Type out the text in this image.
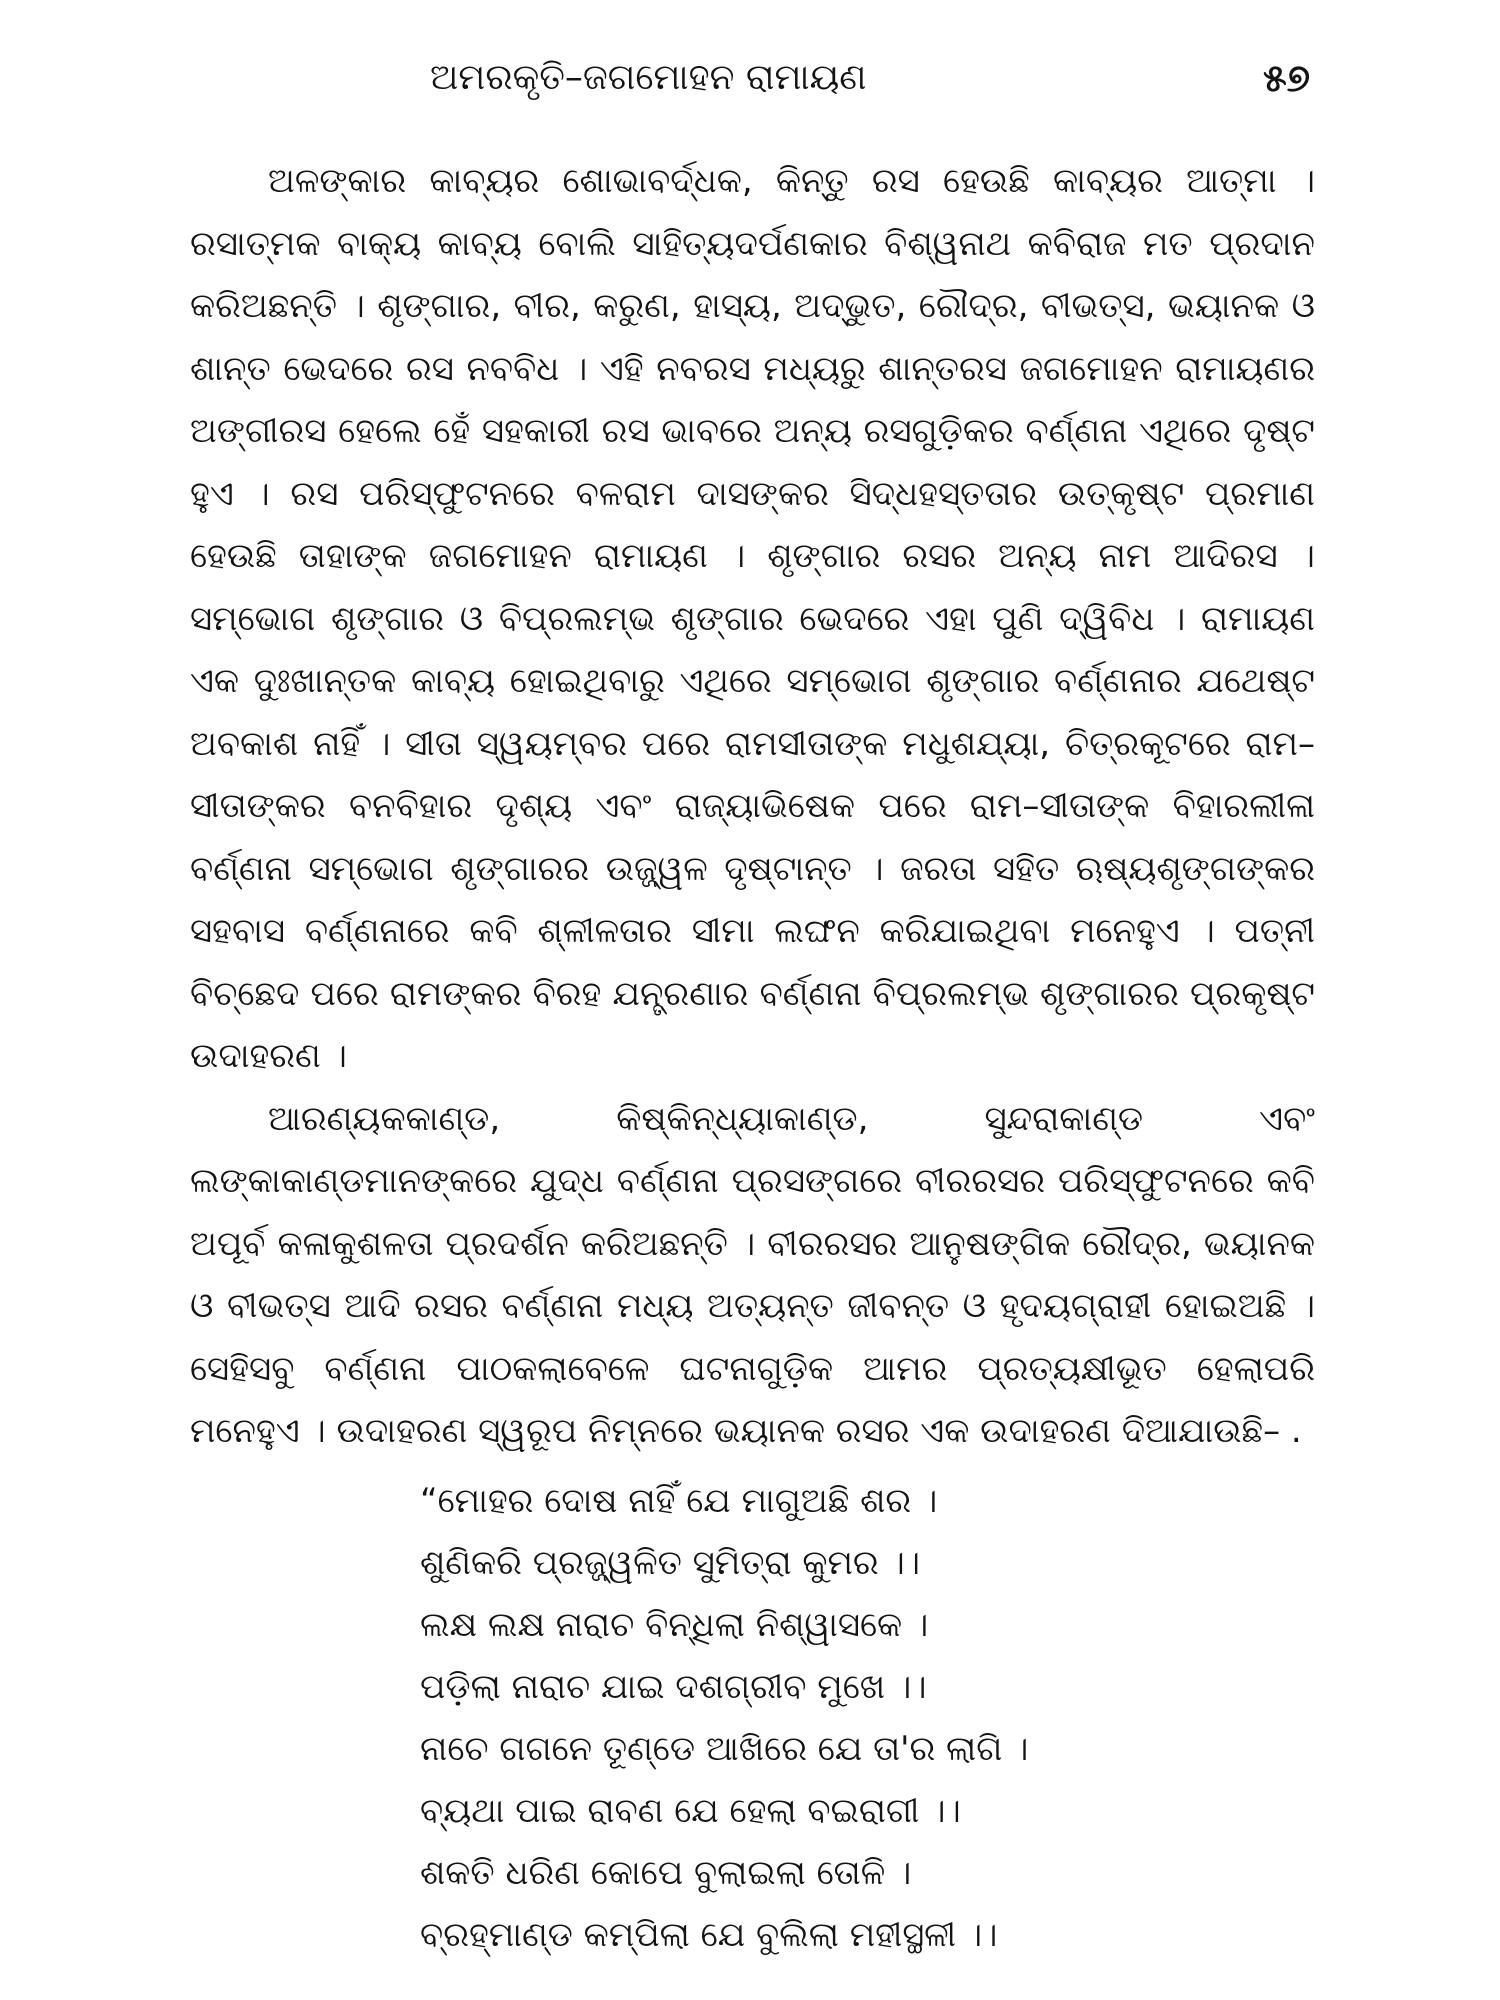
ଅମରକୃତି–ଜଗମୋହନ ରାମାୟଣ	୫୭

ଅଳଙ୍କାର କାବ୍ୟର ଶୋଭାବର୍ଦ୍ଧକ, କିନ୍ତୁ ରସ ହେଉଛି କାବ୍ୟର ଆତ୍ମା । ରସାତ୍ମକ ବାକ୍ୟ କାବ୍ୟ ବୋଲି ସାହିତ୍ୟଦର୍ପଣକାର ବିଶ୍ୱନାଥ କବିରାଜ ମତ ପ୍ରଦାନ କରିଅଛନ୍ତି । ଶୃଙ୍ଗାର, ବୀର, କରୁଣ, ହାସ୍ୟ, ଅଦ୍ଭୁତ, ରୌଦ୍ର, ବୀଭତ୍ସ, ଭୟାନକ ଓ ଶାନ୍ତ ଭେଦରେ ରସ ନବବିଧ । ଏହି ନବରସ ମଧ୍ୟରୁ ଶାନ୍ତରସ ଜଗମୋହନ ରାମାୟଣର ଅଙ୍ଗୀରସ ହେଲେ ହେଁ ସହକାରୀ ରସ ଭାବରେ ଅନ୍ୟ ରସଗୁଡ଼ିକର ବର୍ଣ୍ଣନା ଏଥିରେ ଦୃଷ୍ଟ ହୁଏ । ରସ ପରିସ୍ଫୁଟନରେ ବଳରାମ ଦାସଙ୍କର ସିଦ୍ଧହସ୍ତତାର ଉତ୍କୃଷ୍ଟ ପ୍ରମାଣ ହେଉଛି ତାହାଙ୍କ ଜଗମୋହନ ରାମାୟଣ । ଶୃଙ୍ଗାର ରସର ଅନ୍ୟ ନାମ ଆଦିରସ । ସମ୍ଭୋଗ ଶୃଙ୍ଗାର ଓ ବିପ୍ରଲମ୍ଭ ଶୃଙ୍ଗାର ଭେଦରେ ଏହା ପୁଣି ଦ୍ୱିବିଧ । ରାମାୟଣ ଏକ ଦୁଃଖାନ୍ତକ କାବ୍ୟ ହୋଇଥିବାରୁ ଏଥିରେ ସମ୍ଭୋଗ ଶୃଙ୍ଗାର ବର୍ଣ୍ଣନାର ଯଥେଷ୍ଟ ଅବକାଶ ନାହିଁ । ସୀତା ସ୍ୱୟମ୍ବର ପରେ ରାମସୀତାଙ୍କ ମଧୁଶଯ୍ୟା, ଚିତ୍ରକୂଟରେ ରାମ–ସୀତାଙ୍କର ବନବିହାର ଦୃଶ୍ୟ ଏବଂ ରାଜ୍ୟାଭିଷେକ ପରେ ରାମ–ସୀତାଙ୍କ ବିହାରଲୀଳା ବର୍ଣ୍ଣନା ସମ୍ଭୋଗ ଶୃଙ୍ଗାରର ଉଜ୍ଜ୍ୱଳ ଦୃଷ୍ଟାନ୍ତ । ଜରତା ସହିତ ଋଷ୍ୟଶୃଙ୍ଗଙ୍କର ସହବାସ ବର୍ଣ୍ଣନାରେ କବି ଶ୍ଳୀଳତାର ସୀମା ଲଙ୍ଘନ କରିଯାଇଥିବା ମନେହୁଏ । ପତ୍ନୀ ବିଚ୍ଛେଦ ପରେ ରାମଙ୍କର ବିରହ ଯନ୍ତ୍ରଣାର ବର୍ଣ୍ଣନା ବିପ୍ରଲମ୍ଭ ଶୃଙ୍ଗାରର ପ୍ରକୃଷ୍ଟ ଉଦାହରଣ ।

ଆରଣ୍ୟକକାଣ୍ଡ, କିଷ୍କିନ୍ଧ୍ୟାକାଣ୍ଡ, ସୁନ୍ଦରାକାଣ୍ଡ ଏବଂ ଲଙ୍କାକାଣ୍ଡମାନଙ୍କରେ ଯୁଦ୍ଧ ବର୍ଣ୍ଣନା ପ୍ରସଙ୍ଗରେ ବୀରରସର ପରିସ୍ଫୁଟନରେ କବି ଅପୂର୍ବ କଳାକୁଶଳତା ପ୍ରଦର୍ଶନ କରିଅଛନ୍ତି । ବୀରରସର ଆନୁଷଙ୍ଗିକ ରୌଦ୍ର, ଭୟାନକ ଓ ବୀଭତ୍ସ ଆଦି ରସର ବର୍ଣ୍ଣନା ମଧ୍ୟ ଅତ୍ୟନ୍ତ ଜୀବନ୍ତ ଓ ହୃଦୟଗ୍ରାହୀ ହୋଇଅଛି । ସେହିସବୁ ବର୍ଣ୍ଣନା ପାଠକଲାବେଳେ ଘଟନାଗୁଡ଼ିକ ଆମର ପ୍ରତ୍ୟକ୍ଷୀଭୂତ ହେଲାପରି ମନେହୁଏ । ଉଦାହରଣ ସ୍ୱରୂପ ନିମ୍ନରେ ଭୟାନକ ରସର ଏକ ଉଦାହରଣ ଦିଆଯାଉଛି– .

“ମୋହର ଦୋଷ ନାହିଁ ଯେ ମାଗୁଅଛି ଶର ।
ଶୁଣିକରି ପ୍ରଜ୍ଜ୍ୱଳିତ ସୁମିତ୍ରା କୁମର ।।
ଲକ୍ଷ ଲକ୍ଷ ନାରାଚ ବିନ୍ଧିଲା ନିଶ୍ୱାସକେ ।
ପଡ଼ିଲା ନାରାଚ ଯାଇ ଦଶଗ୍ରୀବ ମୁଖେ ।।
ନାଚେ ଗଗନେ ତୂଣ୍ଡେ ଆଖିରେ ଯେ ତା'ର ଲାଗି ।
ବ୍ୟଥା ପାଇ ରାବଣ ଯେ ହେଲା ବଇରାଗୀ ।।
ଶକତି ଧରିଣ କୋପେ ବୁଲାଇଲା ତୋଳି ।
ବ୍ରହ୍ମାଣ୍ଡ କମ୍ପିଲା ଯେ ବୁଲିଲା ମହୀସ୍ଥଳୀ ।।
